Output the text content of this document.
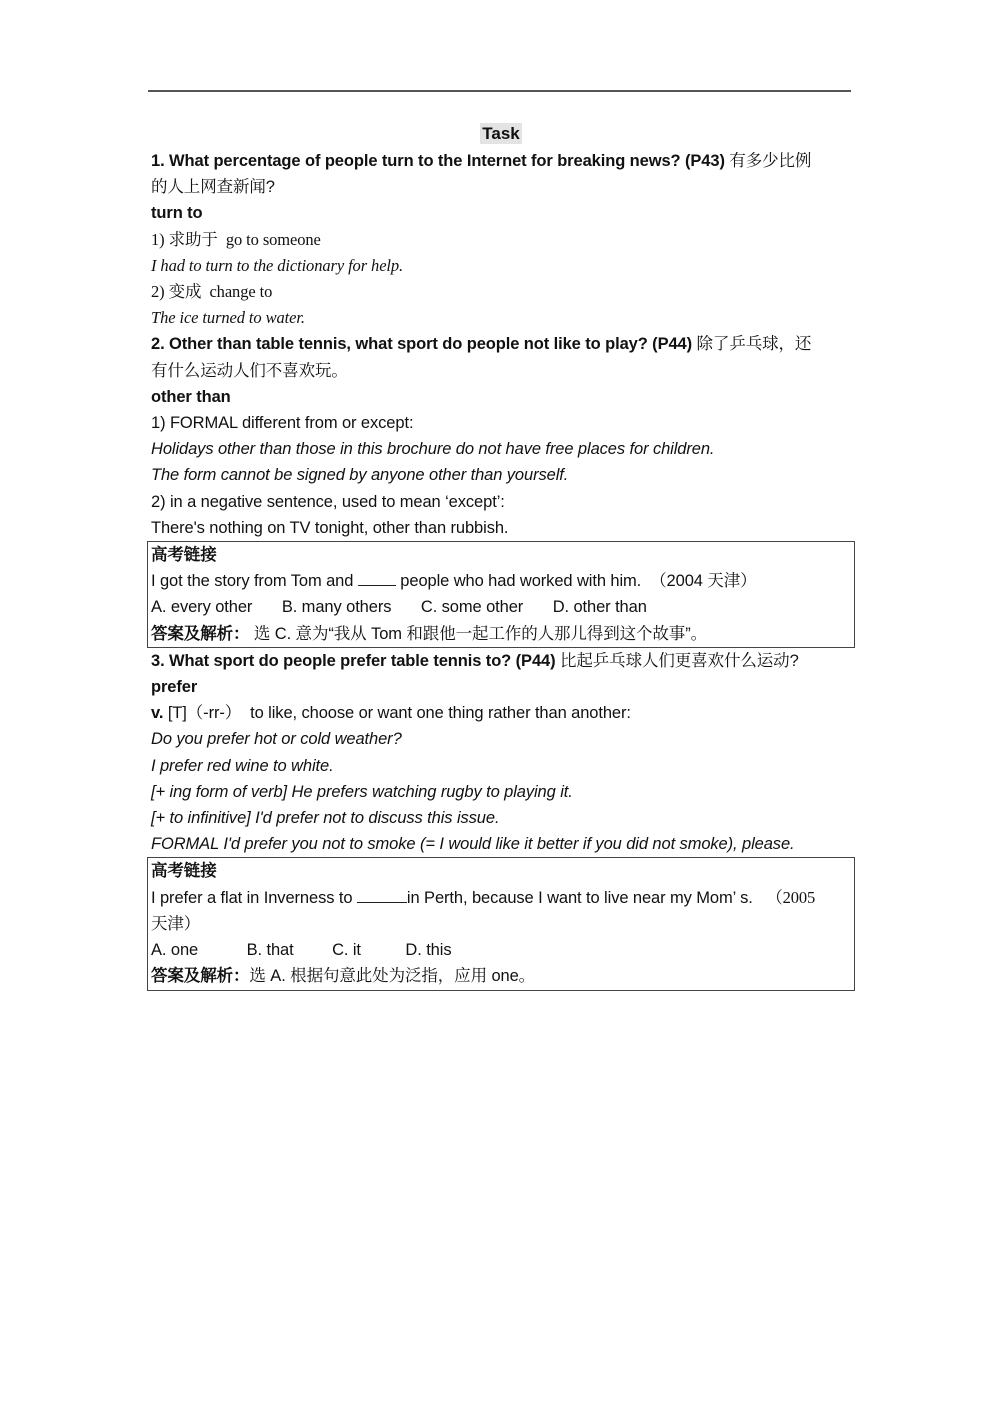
Task
1. What percentage of people turn to the Internet for breaking news? (P43) 有多少比例
的人上网查新闻?
turn to
1) 求助于 go to someone
I had to turn to the dictionary for help.
2) 变成 change to
The ice turned to water.
2. Other than table tennis, what sport do people not like to play? (P44) 除了乒乓球，还
有什么运动人们不喜欢玩。
other than
1) FORMAL different from or except:
Holidays other than those in this brochure do not have free places for children.
The form cannot be signed by anyone other than yourself.
2) in a negative sentence, used to mean ‘except’:
There's nothing on TV tonight, other than rubbish.
高考链接
I got the story from Tom and	people who had worked with him. （2004 天津）
A. every other B. many others C. some other D. other than
答案及解析： 选 C. 意为“我从 Tom 和跟他一起工作的人那儿得到这个故事”。
3. What sport do people prefer table tennis to? (P44) 比起乒乓球人们更喜欢什么运动?
prefer
v. [T]（-rr-） to like, choose or want one thing rather than another:
Do you prefer hot or cold weather?
I prefer red wine to white.
[+ ing form of verb] He prefers watching rugby to playing it.
[+ to infinitive] I'd prefer not to discuss this issue.
FORMAL I'd prefer you not to smoke (= I would like it better if you did not smoke), please.
高考链接
I prefer a flat in Inverness to	in Perth, because I want to live near my Mom’ s. （2005
天津）
A. one	B. that C. it	D. this
答案及解析：选 A. 根据句意此处为泛指，应用 one。
